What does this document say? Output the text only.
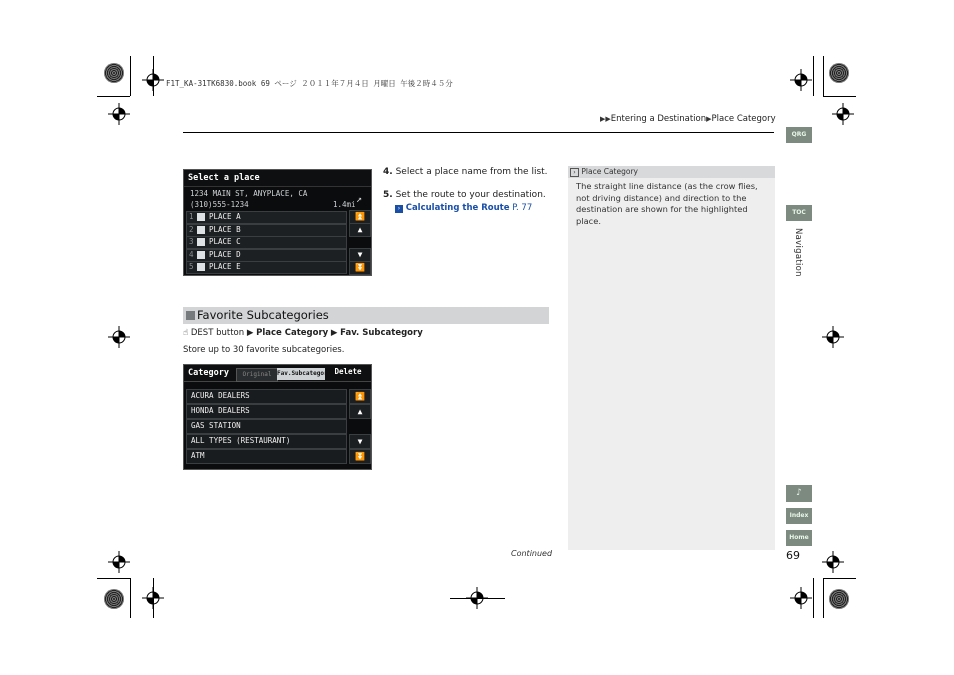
F1T_KA-31TK6830.book 69 ページ ２０１１年７月４日 月曜日 午後２時４５分
▶▶Entering a Destination▶Place Category
QRG
TOC
Navigation
♪
Index
Home
Select a place
1234 MAIN ST, ANYPLACE, CA
(310)555-1234	1.4mi ↗
1 PLACE A
2 PLACE B
3 PLACE C
4 PLACE D
5 PLACE E
⏫
▲
▼
⏬
4. Select a place name from the list.
5. Set the route to your destination.
› Calculating the Route P. 77
Favorite Subcategories
☝ DEST button ▶ Place Category ▶ Fav. Subcategory
Store up to 30 favorite subcategories.
Category	Original Fav.Subcategory Delete
ACURA DEALERS
HONDA DEALERS
GAS STATION
ALL TYPES (RESTAURANT)
ATM
⏫
▲
▼
⏬
› Place Category
The straight line distance (as the crow flies, not driving distance) and direction to the destination are shown for the highlighted place.
Continued	69
